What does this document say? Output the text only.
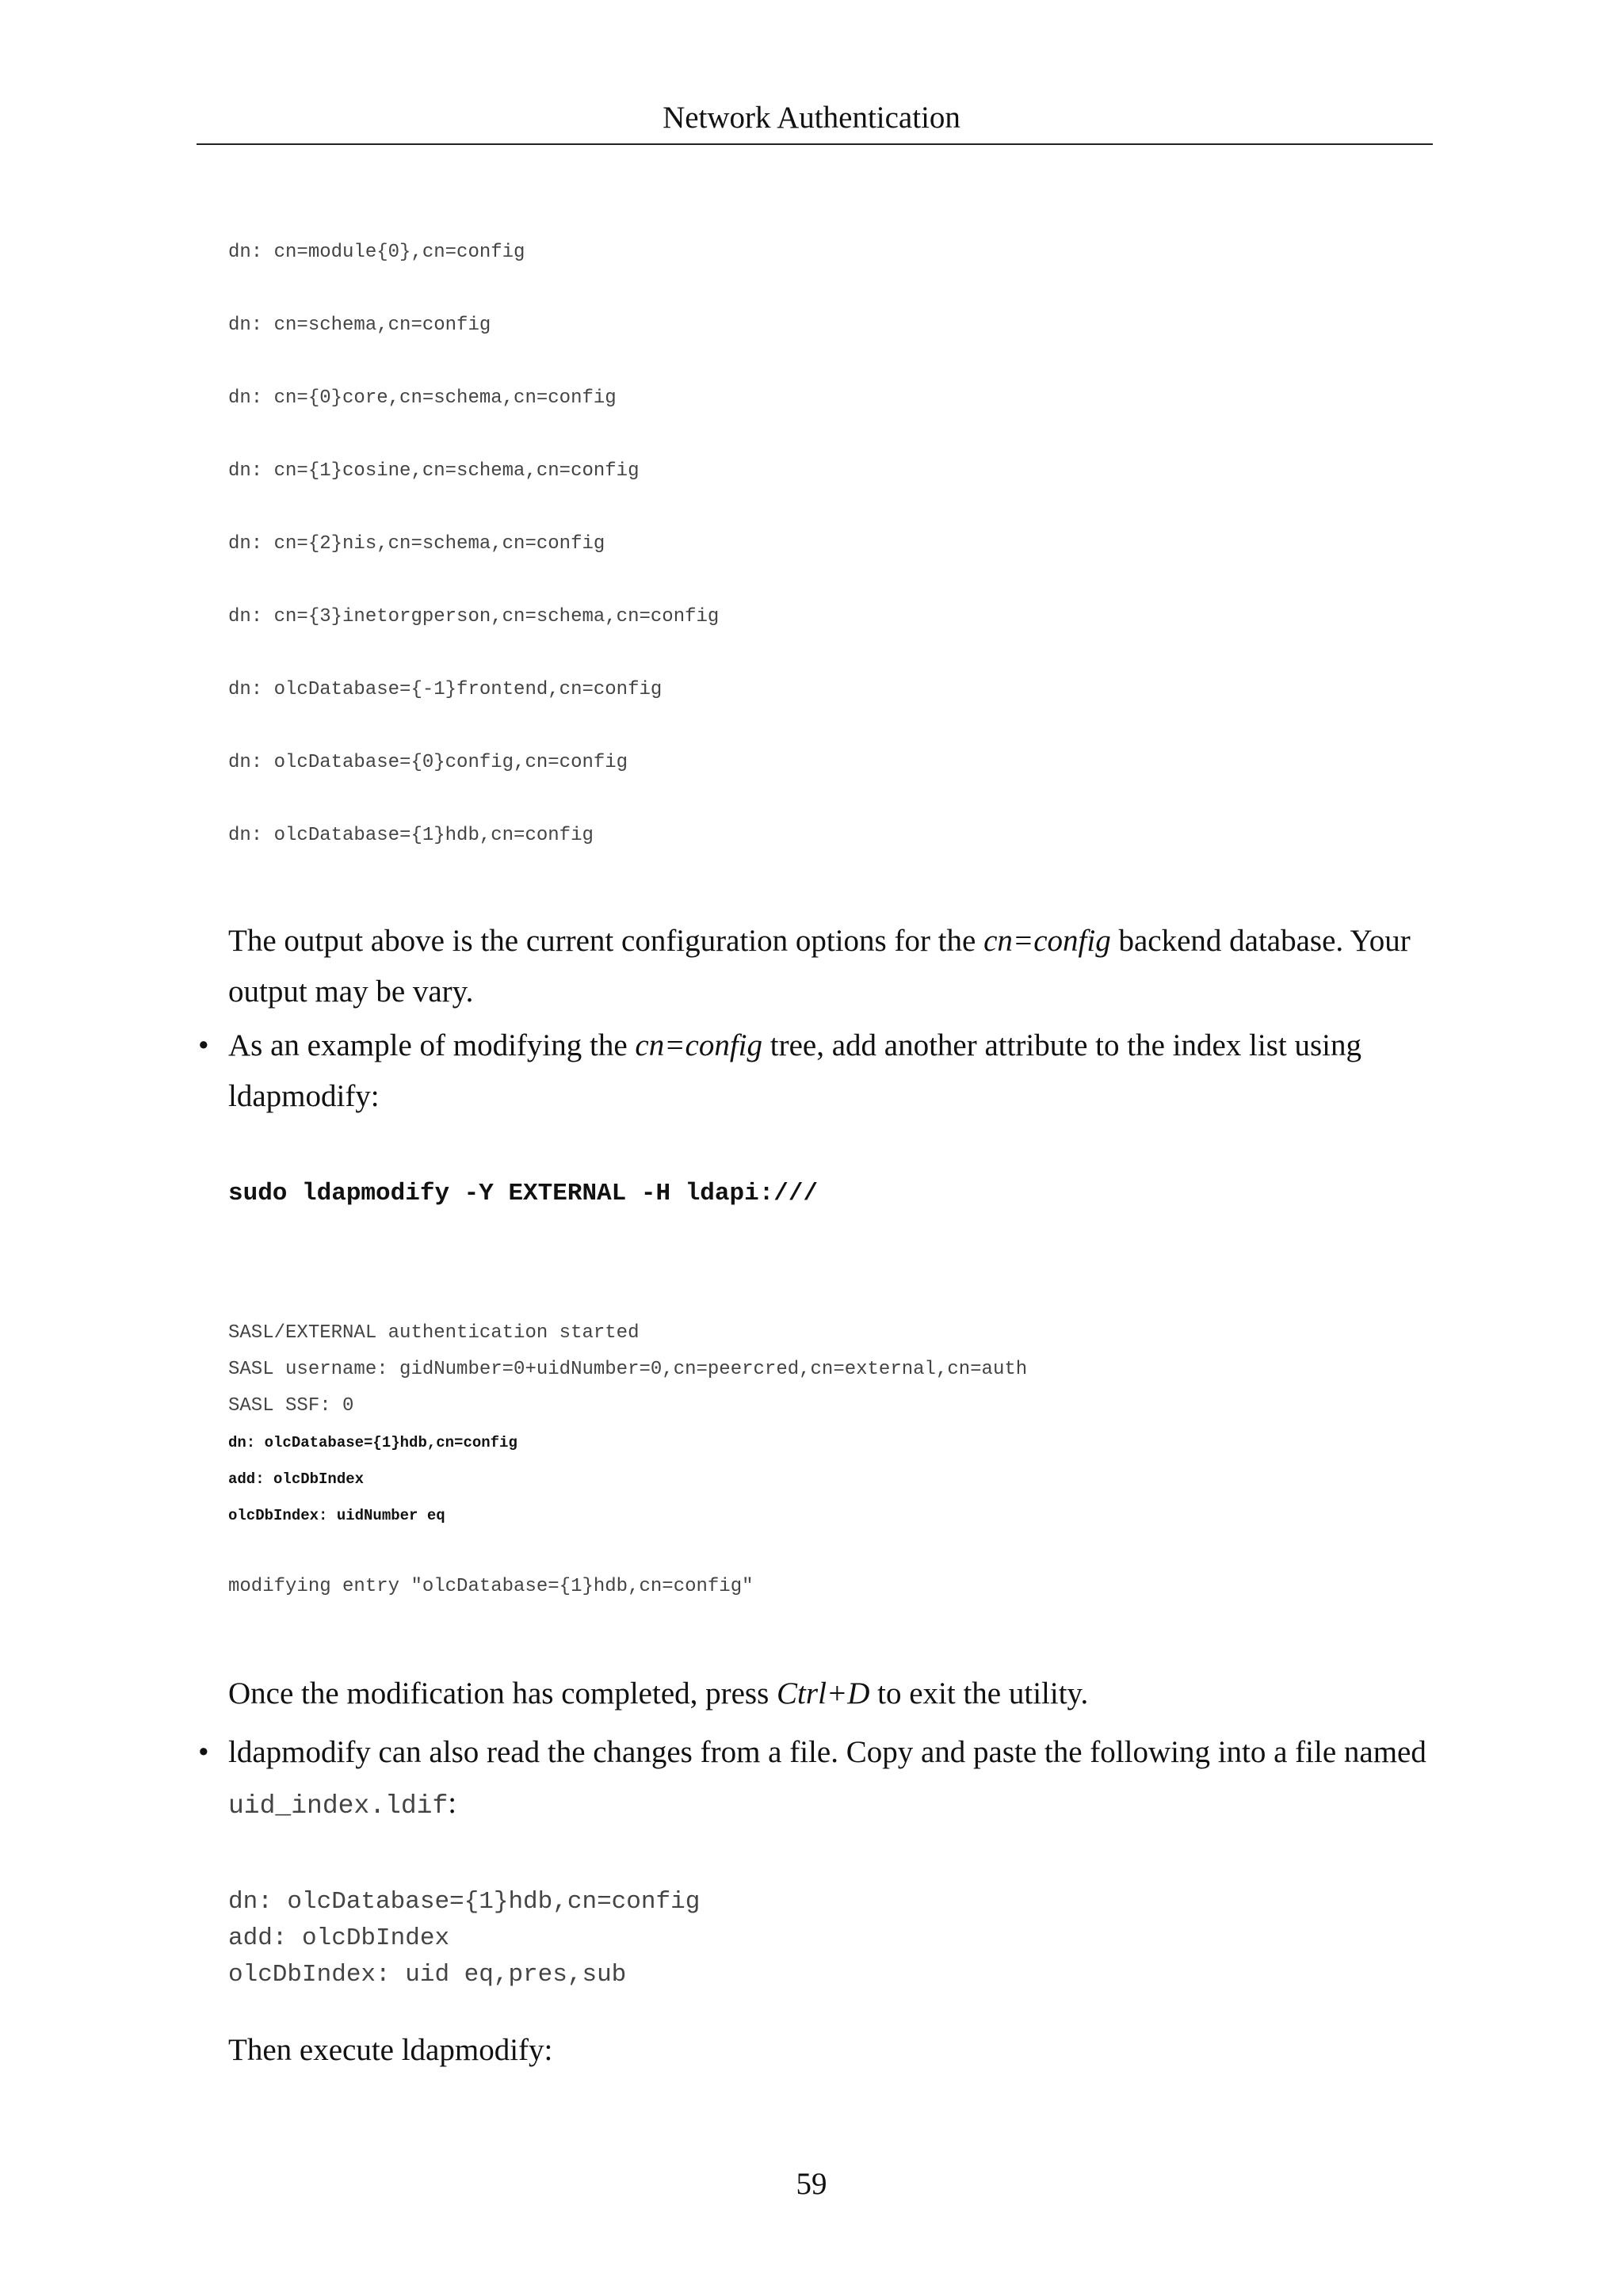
Network Authentication
dn: cn=module{0},cn=config
dn: cn=schema,cn=config
dn: cn={0}core,cn=schema,cn=config
dn: cn={1}cosine,cn=schema,cn=config
dn: cn={2}nis,cn=schema,cn=config
dn: cn={3}inetorgperson,cn=schema,cn=config
dn: olcDatabase={-1}frontend,cn=config
dn: olcDatabase={0}config,cn=config
dn: olcDatabase={1}hdb,cn=config
The output above is the current configuration options for the cn=config backend database. Your
output may be vary.
• As an example of modifying the cn=config tree, add another attribute to the index list using
ldapmodify:
sudo ldapmodify -Y EXTERNAL -H ldapi:///
SASL/EXTERNAL authentication started
SASL username: gidNumber=0+uidNumber=0,cn=peercred,cn=external,cn=auth
SASL SSF: 0
dn: olcDatabase={1}hdb,cn=config
add: olcDbIndex
olcDbIndex: uidNumber eq
modifying entry "olcDatabase={1}hdb,cn=config"
Once the modification has completed, press Ctrl+D to exit the utility.
• ldapmodify can also read the changes from a file. Copy and paste the following into a file named
uid_index.ldif:
dn: olcDatabase={1}hdb,cn=config
add: olcDbIndex
olcDbIndex: uid eq,pres,sub
Then execute ldapmodify:
59
